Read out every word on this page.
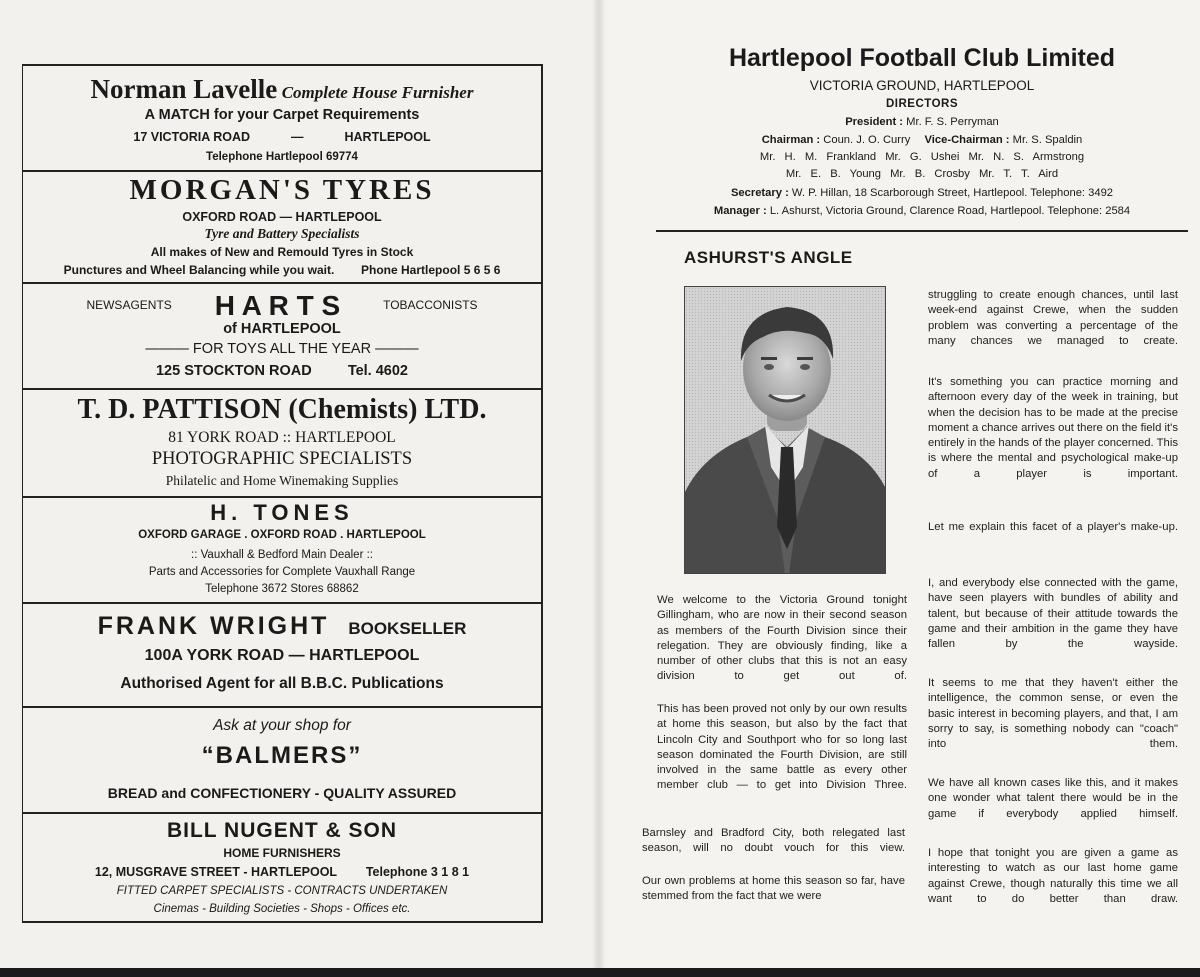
Norman Lavelle Complete House Furnisher
A MATCH for your Carpet Requirements
17 VICTORIA ROAD	—	HARTLEPOOL
Telephone Hartlepool 69774
MORGAN'S TYRES
OXFORD ROAD — HARTLEPOOL
Tyre and Battery Specialists
All makes of New and Remould Tyres in Stock
Punctures and Wheel Balancing while you wait. Phone Hartlepool 5 6 5 6
$^{NEWSAGENTS}$ H A R T S	$^{TOBACCONISTS}$
of HARTLEPOOL
——— FOR TOYS ALL THE YEAR ———
125 STOCKTON ROAD Tel. 4602
T. D. PATTISON (Chemists) LTD.
81 YORK ROAD :: HARTLEPOOL
PHOTOGRAPHIC SPECIALISTS
Philatelic and Home Winemaking Supplies
H. TONES
OXFORD GARAGE . OXFORD ROAD . HARTLEPOOL
:: Vauxhall & Bedford Main Dealer ::
Parts and Accessories for Complete Vauxhall Range
Telephone 3672 Stores 68862
FRANK WRIGHT BOOKSELLER
100A YORK ROAD — HARTLEPOOL
Authorised Agent for all B.B.C. Publications
Ask at your shop for
“BALMERS”
BREAD and CONFECTIONERY - QUALITY ASSURED
BILL NUGENT & SON
HOME FURNISHERS
12, MUSGRAVE STREET - HARTLEPOOL Telephone 3 1 8 1
FITTED CARPET SPECIALISTS - CONTRACTS UNDERTAKEN
Cinemas - Building Societies - Shops - Offices etc.
Hartlepool Football Club Limited
VICTORIA GROUND, HARTLEPOOL
DIRECTORS
President : Mr. F. S. Perryman
Chairman : Coun. J. O. Curry Vice-Chairman : Mr. S. Spaldin
Mr. H. M. Frankland Mr. G. Ushei Mr. N. S. Armstrong
Mr. E. B. Young Mr. B. Crosby Mr. T. T. Aird
Secretary : W. P. Hillan, 18 Scarborough Street, Hartlepool. Telephone: 3492
Manager : L. Ashurst, Victoria Ground, Clarence Road, Hartlepool. Telephone: 2584
ASHURST'S ANGLE

We welcome to the Victoria Ground tonight Gillingham, who are now in their second season as members of the Fourth Division since their relegation. They are obviously finding, like a number of other clubs that this is not an easy division to get out of.

This has been proved not only by our own results at home this season, but also by the fact that Lincoln City and Southport who for so long last season dominated the Fourth Division, are still involved in the same battle as every other member club — to get into Division Three.

Barnsley and Bradford City, both relegated last season, will no doubt vouch for this view.

Our own problems at home this season so far, have stemmed from the fact that we were

struggling to create enough chances, until last week-end against Crewe, when the sudden problem was converting a percentage of the many chances we managed to create.

It's something you can practice morning and afternoon every day of the week in training, but when the decision has to be made at the precise moment a chance arrives out there on the field it's entirely in the hands of the player concerned. This is where the mental and psychological make-up of a player is important.

Let me explain this facet of a player's make-up.

I, and everybody else connected with the game, have seen players with bundles of ability and talent, but because of their attitude towards the game and their ambition in the game they have fallen by the wayside.

It seems to me that they haven't either the intelligence, the common sense, or even the basic interest in becoming players, and that, I am sorry to say, is something nobody can "coach" into them.

We have all known cases like this, and it makes one wonder what talent there would be in the game if everybody applied himself.

I hope that tonight you are given a game as interesting to watch as our last home game against Crewe, though naturally this time we all want to do better than draw.
